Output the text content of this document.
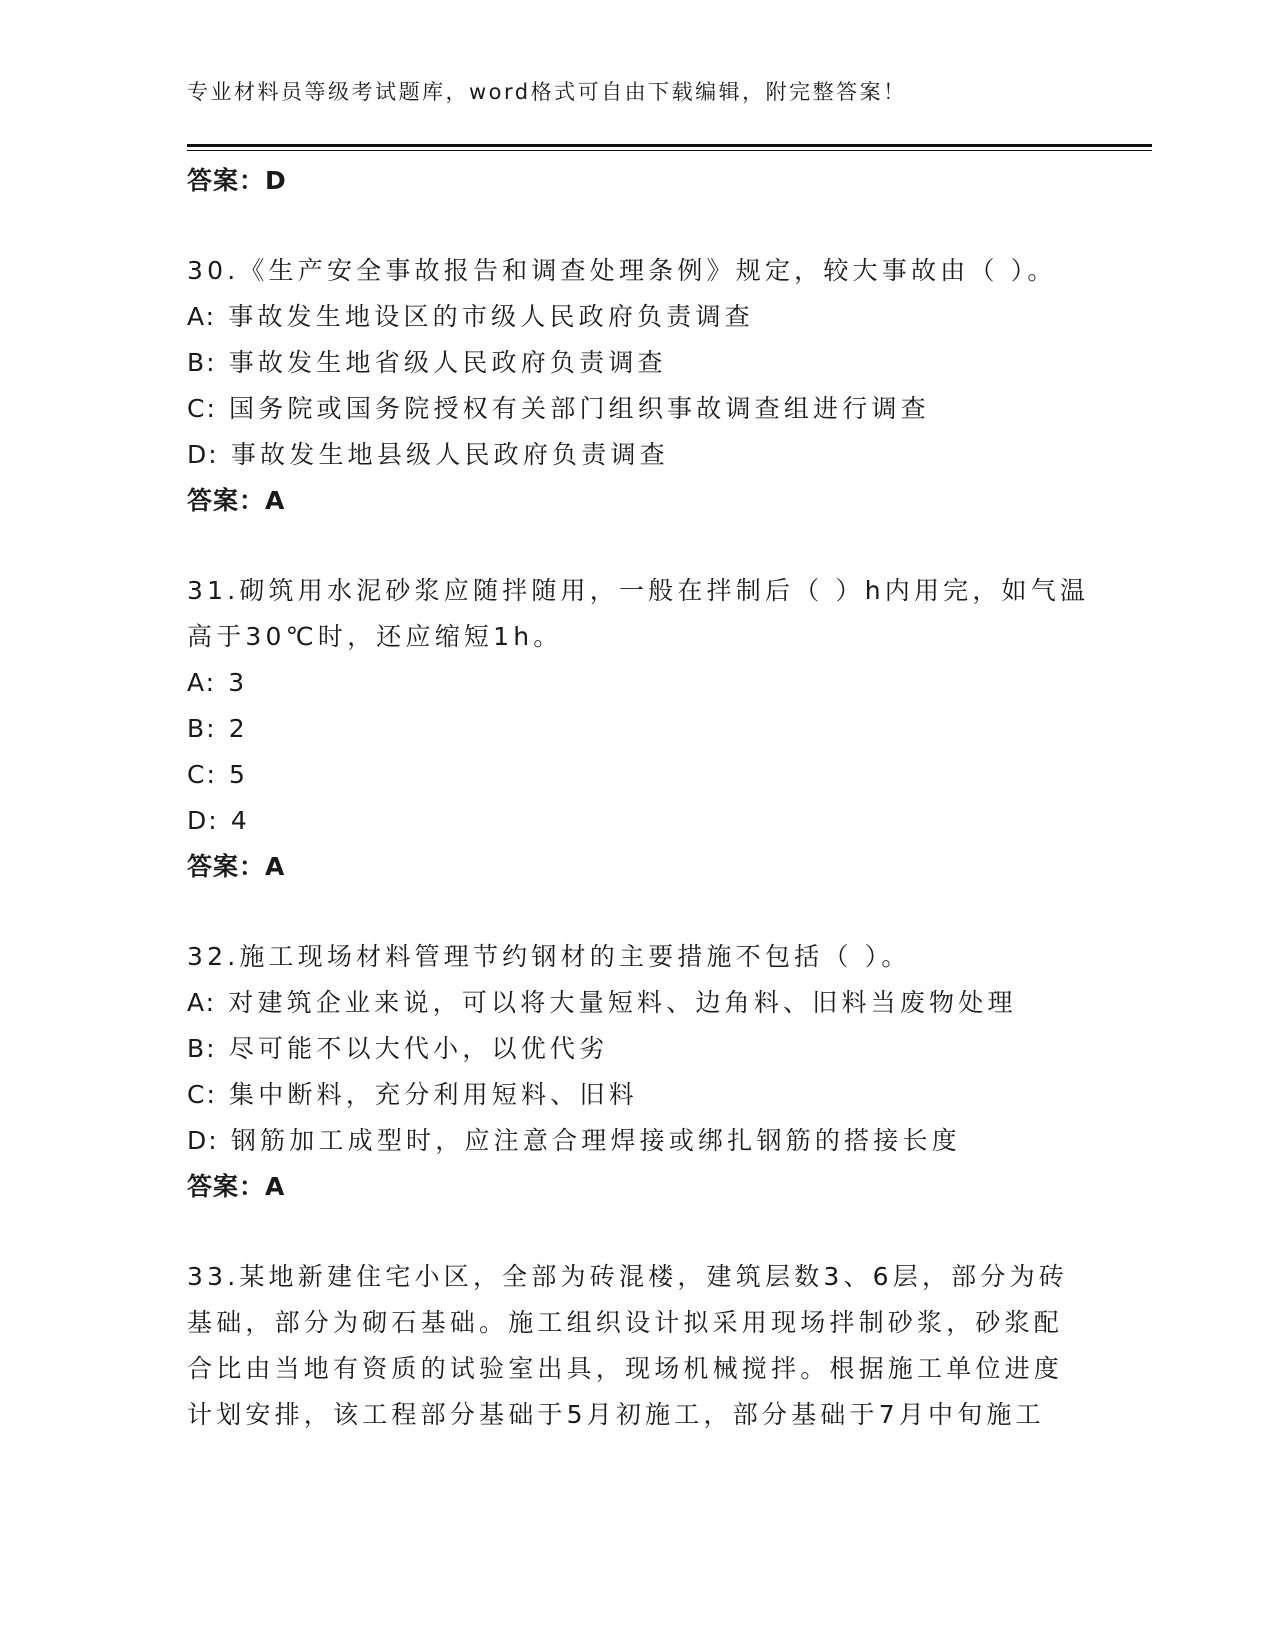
专业材料员等级考试题库，word格式可自由下载编辑，附完整答案！
答案：D
30.《生产安全事故报告和调查处理条例》规定，较大事故由（ ）。
A: 事故发生地设区的市级人民政府负责调查
B: 事故发生地省级人民政府负责调查
C: 国务院或国务院授权有关部门组织事故调查组进行调查
D: 事故发生地县级人民政府负责调查
答案：A
31.砌筑用水泥砂浆应随拌随用，一般在拌制后（ ）h内用完，如气温
高于30℃时，还应缩短1h。
A: 3
B: 2
C: 5
D: 4
答案：A
32.施工现场材料管理节约钢材的主要措施不包括（ ）。
A: 对建筑企业来说，可以将大量短料、边角料、旧料当废物处理
B: 尽可能不以大代小，以优代劣
C: 集中断料，充分利用短料、旧料
D: 钢筋加工成型时，应注意合理焊接或绑扎钢筋的搭接长度
答案：A
33.某地新建住宅小区，全部为砖混楼，建筑层数3、6层，部分为砖
基础，部分为砌石基础。施工组织设计拟采用现场拌制砂浆，砂浆配
合比由当地有资质的试验室出具，现场机械搅拌。根据施工单位进度
计划安排，该工程部分基础于5月初施工，部分基础于7月中旬施工
